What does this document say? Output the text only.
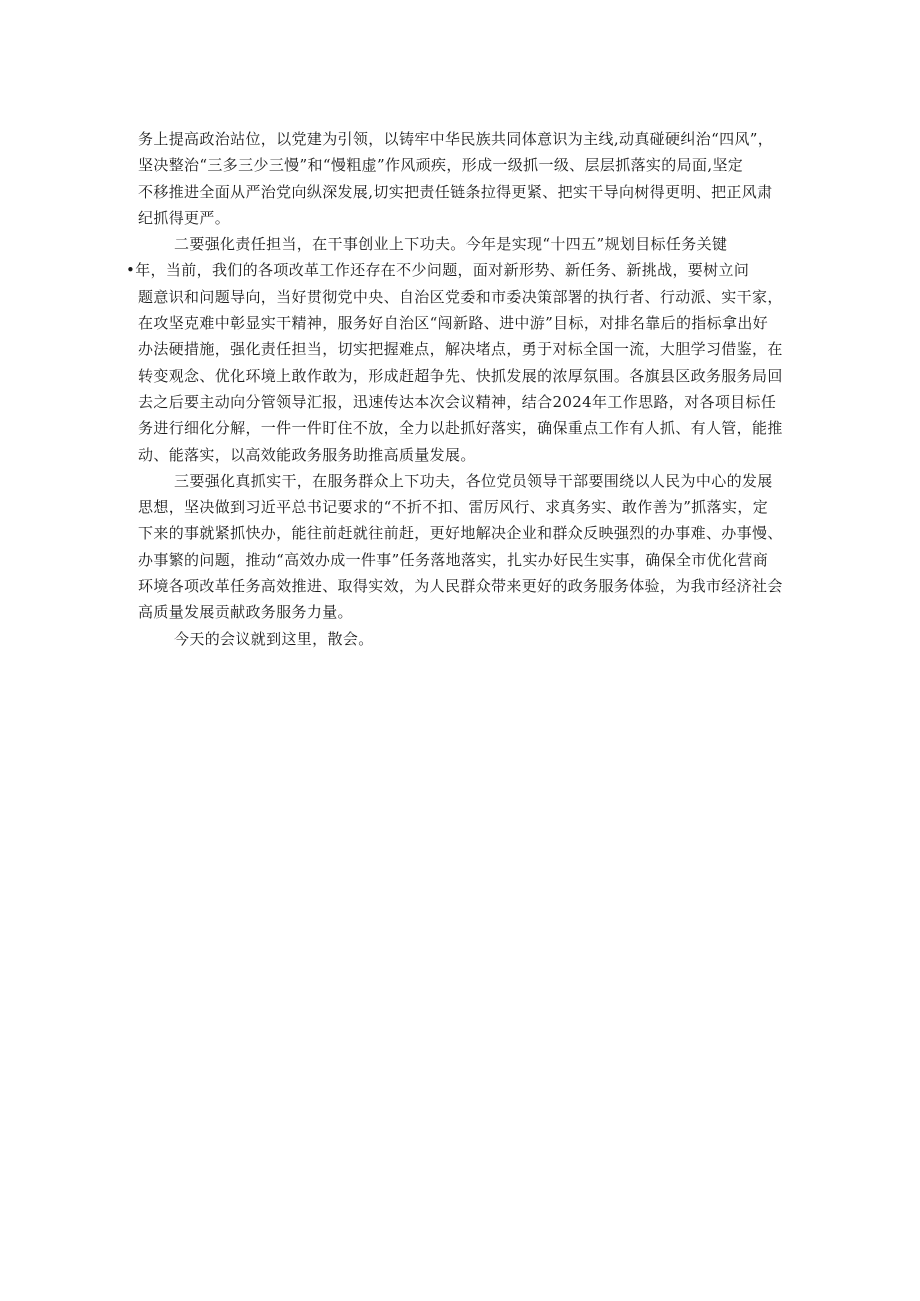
务上提高政治站位，以党建为引领，以铸牢中华民族共同体意识为主线,动真碰硬纠治“四风”，
坚决整治“三多三少三慢”和“慢粗虚”作风顽疾，形成一级抓一级、层层抓落实的局面,坚定
不移推进全面从严治党向纵深发展,切实把责任链条拉得更紧、把实干导向树得更明、把正风肃
纪抓得更严。
二要强化责任担当，在干事创业上下功夫。今年是实现“十四五”规划目标任务关键
•年，当前，我们的各项改革工作还存在不少问题，面对新形势、新任务、新挑战，要树立问
题意识和问题导向，当好贯彻党中央、自治区党委和市委决策部署的执行者、行动派、实干家，
在攻坚克难中彰显实干精神，服务好自治区“闯新路、进中游”目标，对排名靠后的指标拿出好
办法硬措施，强化责任担当，切实把握难点，解决堵点，勇于对标全国一流，大胆学习借鉴，在
转变观念、优化环境上敢作敢为，形成赶超争先、快抓发展的浓厚氛围。各旗县区政务服务局回
去之后要主动向分管领导汇报，迅速传达本次会议精神，结合2024年工作思路，对各项目标任
务进行细化分解，一件一件盯住不放，全力以赴抓好落实，确保重点工作有人抓、有人管，能推
动、能落实，以高效能政务服务助推高质量发展。
三要强化真抓实干，在服务群众上下功夫，各位党员领导干部要围绕以人民为中心的发展
思想，坚决做到习近平总书记要求的“不折不扣、雷厉风行、求真务实、敢作善为”抓落实，定
下来的事就紧抓快办，能往前赶就往前赶，更好地解决企业和群众反映强烈的办事难、办事慢、
办事繁的问题，推动“高效办成一件事”任务落地落实，扎实办好民生实事，确保全市优化营商
环境各项改革任务高效推进、取得实效，为人民群众带来更好的政务服务体验，为我市经济社会
高质量发展贡献政务服务力量。
今天的会议就到这里，散会。
